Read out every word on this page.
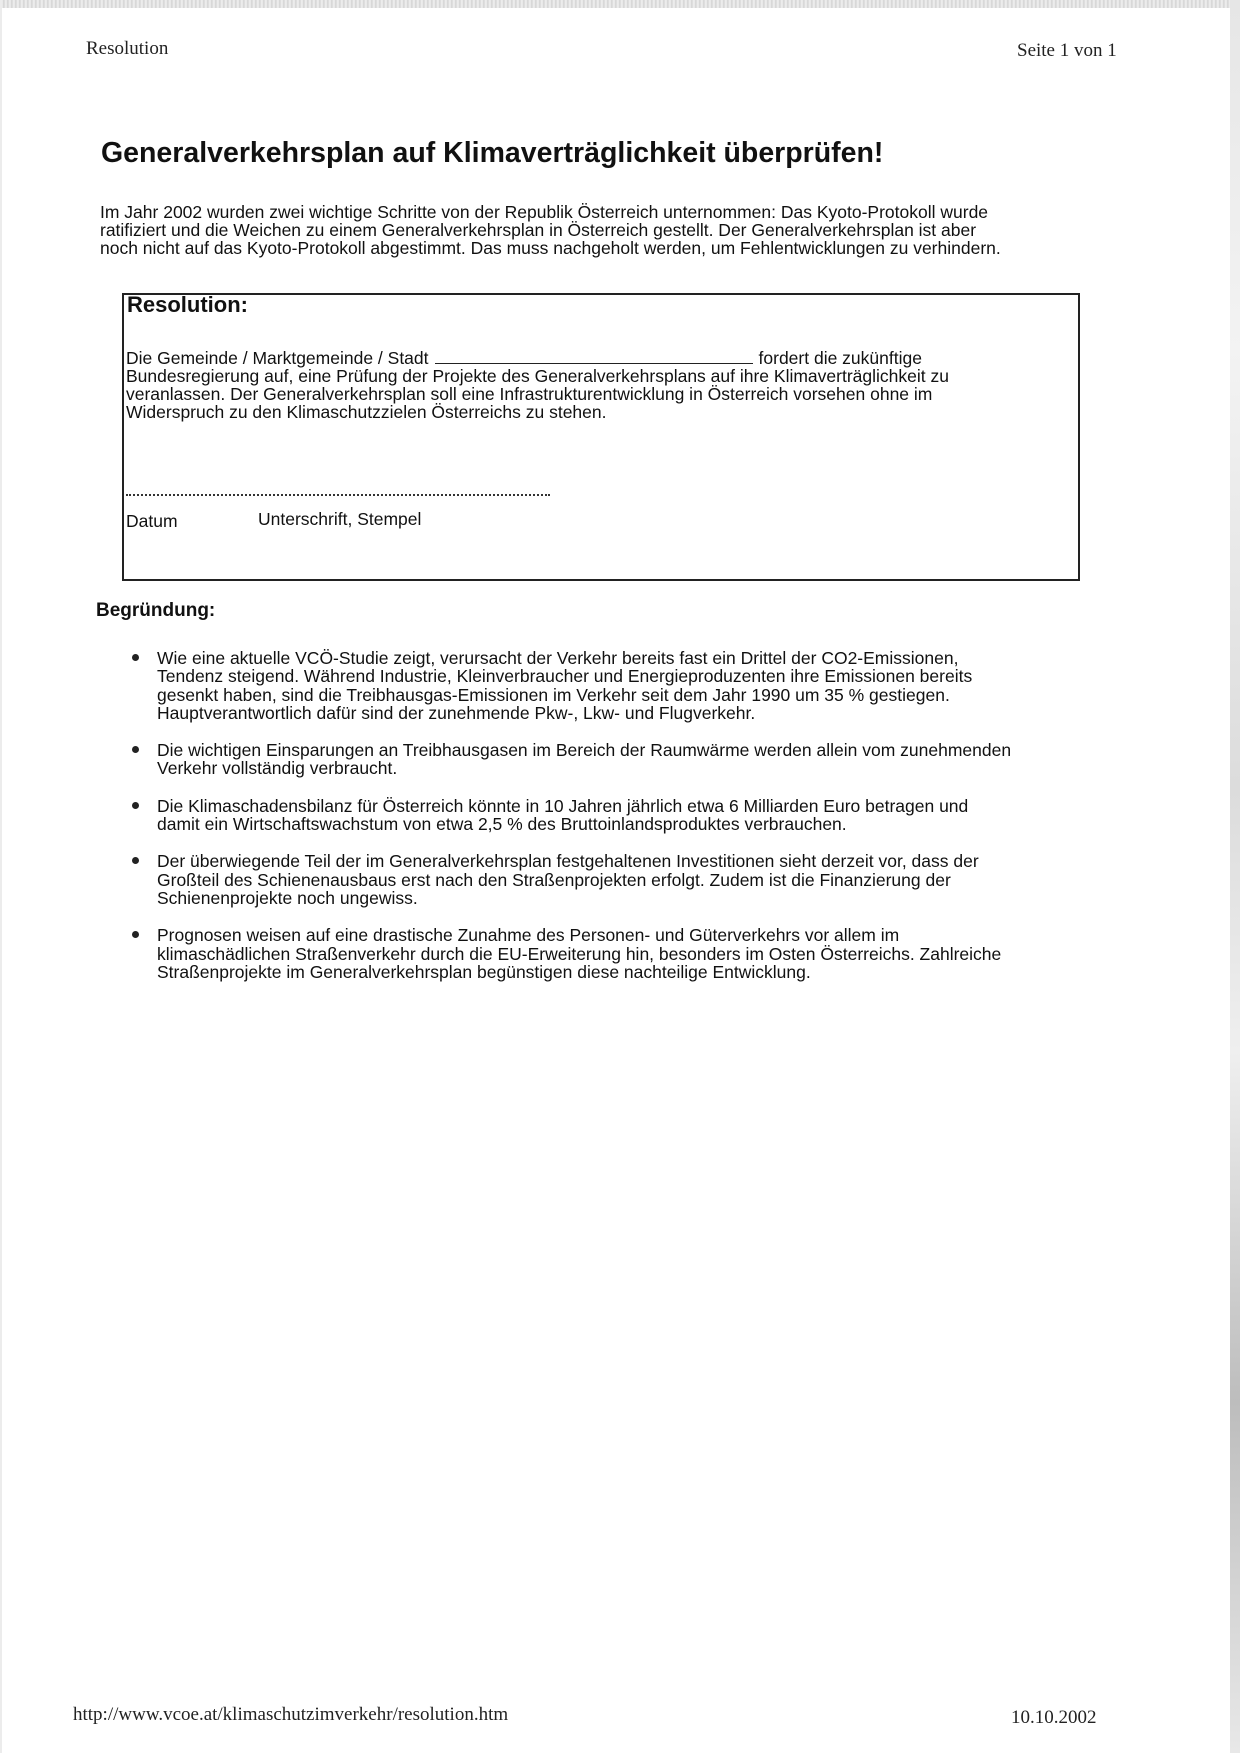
Resolution	Seite 1 von 1
Generalverkehrsplan auf Klimaverträglichkeit überprüfen!

Im Jahr 2002 wurden zwei wichtige Schritte von der Republik Österreich unternommen: Das Kyoto-Protokoll wurde
ratifiziert und die Weichen zu einem Generalverkehrsplan in Österreich gestellt. Der Generalverkehrsplan ist aber
noch nicht auf das Kyoto-Protokoll abgestimmt. Das muss nachgeholt werden, um Fehlentwicklungen zu verhindern.

Resolution:
Die Gemeinde / Marktgemeinde / Stadt	fordert die zukünftige
Bundesregierung auf, eine Prüfung der Projekte des Generalverkehrsplans auf ihre Klimaverträglichkeit zu
veranlassen. Der Generalverkehrsplan soll eine Infrastrukturentwicklung in Österreich vorsehen ohne im
Widerspruch zu den Klimaschutzzielen Österreichs zu stehen.
Datum	Unterschrift, Stempel
Begründung:
Wie eine aktuelle VCÖ-Studie zeigt, verursacht der Verkehr bereits fast ein Drittel der CO2-Emissionen,
Tendenz steigend. Während Industrie, Kleinverbraucher und Energieproduzenten ihre Emissionen bereits
gesenkt haben, sind die Treibhausgas-Emissionen im Verkehr seit dem Jahr 1990 um 35 % gestiegen.
Hauptverantwortlich dafür sind der zunehmende Pkw-, Lkw- und Flugverkehr.
Die wichtigen Einsparungen an Treibhausgasen im Bereich der Raumwärme werden allein vom zunehmenden
Verkehr vollständig verbraucht.
Die Klimaschadensbilanz für Österreich könnte in 10 Jahren jährlich etwa 6 Milliarden Euro betragen und
damit ein Wirtschaftswachstum von etwa 2,5 % des Bruttoinlandsproduktes verbrauchen.
Der überwiegende Teil der im Generalverkehrsplan festgehaltenen Investitionen sieht derzeit vor, dass der
Großteil des Schienenausbaus erst nach den Straßenprojekten erfolgt. Zudem ist die Finanzierung der
Schienenprojekte noch ungewiss.
Prognosen weisen auf eine drastische Zunahme des Personen- und Güterverkehrs vor allem im
klimaschädlichen Straßenverkehr durch die EU-Erweiterung hin, besonders im Osten Österreichs. Zahlreiche
Straßenprojekte im Generalverkehrsplan begünstigen diese nachteilige Entwicklung.
http://www.vcoe.at/klimaschutzimverkehr/resolution.htm	10.10.2002
